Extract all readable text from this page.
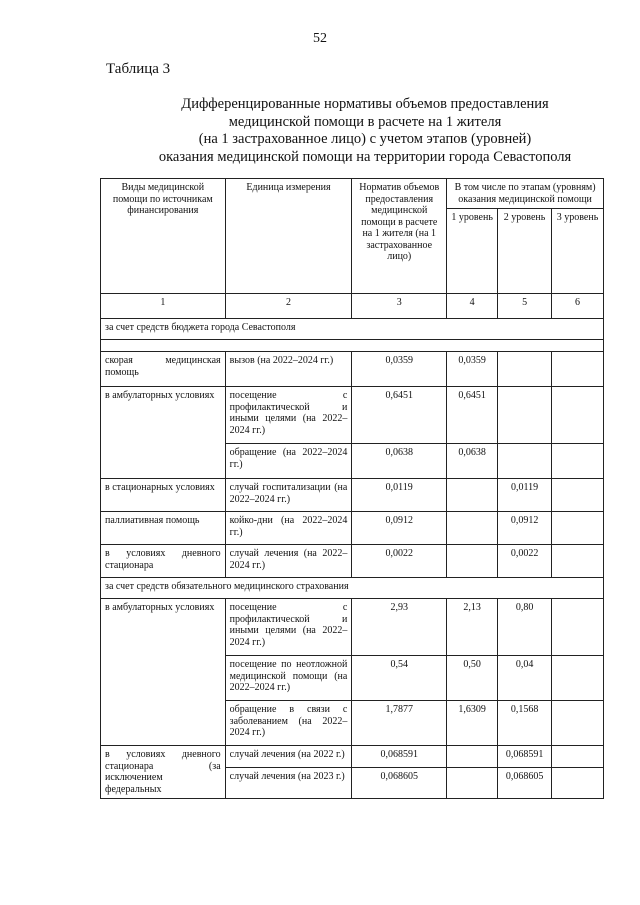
52
Таблица 3
Дифференцированные нормативы объемов предоставления
медицинской помощи в расчете на 1 жителя
(на 1 застрахованное лицо) с учетом этапов (уровней)
оказания медицинской помощи на территории города Севастополя
Виды медицинской помощи по источникам финансирования	Единица измерения	Норматив объемов предоставления медицинской помощи в расчете на 1 жителя (на 1 застрахованное лицо)	В том числе по этапам (уровням) оказания медицинской помощи		
			1 уровень	2 уровень	3 уровень
1	2	3	4	5	6
за счет средств бюджета города Севастополя					

скорая медицинская помощь	вызов (на 2022–2024 гг.)	0,0359	0,0359		
в амбулаторных условиях	посещение с профилактической и иными целями (на 2022–2024 гг.)	0,6451	0,6451		
	обращение (на 2022–2024 гг.)	0,0638	0,0638		
в стационарных условиях	случай госпитализации (на 2022–2024 гг.)	0,0119		0,0119	
паллиативная помощь	койко-дни (на 2022–2024 гг.)	0,0912		0,0912	
в условиях дневного стационара	случай лечения (на 2022–2024 гг.)	0,0022		0,0022	
за счет средств обязательного медицинского страхования					
в амбулаторных условиях	посещение с профилактической и иными целями (на 2022–2024 гг.)	2,93	2,13	0,80	
	посещение по неотложной медицинской помощи (на 2022–2024 гг.)	0,54	0,50	0,04	
	обращение в связи с заболеванием (на 2022–2024 гг.)	1,7877	1,6309	0,1568	
в условиях дневного стационара (за исключением федеральных	случай лечения (на 2022 г.)	0,068591		0,068591	
	случай лечения (на 2023 г.)	0,068605		0,068605	
